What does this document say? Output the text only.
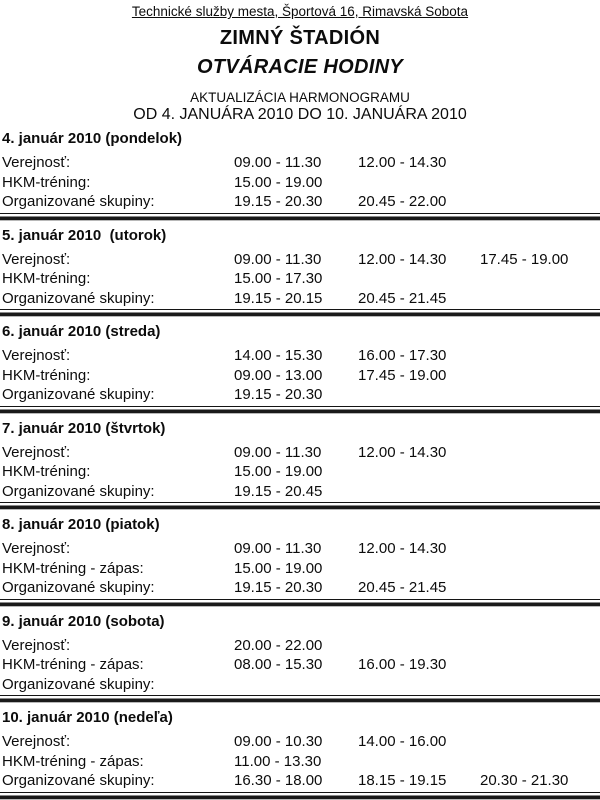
Technické služby mesta, Športová 16, Rimavská Sobota
ZIMNÝ ŠTADIÓN
OTVÁRACIE HODINY
AKTUALIZÁCIA HARMONOGRAMU
OD 4. JANUÁRA 2010 DO 10. JANUÁRA 2010
4. január 2010 (pondelok)
Verejnosť:	09.00 - 11.30	12.00 - 14.30
HKM-tréning:	15.00 - 19.00
Organizované skupiny:	19.15 - 20.30	20.45 - 22.00
5. január 2010  (utorok)
Verejnosť:	09.00 - 11.30	12.00 - 14.30	17.45 - 19.00
HKM-tréning:	15.00 - 17.30
Organizované skupiny:	19.15 - 20.15	20.45 - 21.45
6. január 2010 (streda)
Verejnosť:	14.00 - 15.30	16.00 - 17.30
HKM-tréning:	09.00 - 13.00	17.45 - 19.00
Organizované skupiny:	19.15 - 20.30
7. január 2010 (štvrtok)
Verejnosť:	09.00 - 11.30	12.00 - 14.30
HKM-tréning:	15.00 - 19.00
Organizované skupiny:	19.15 - 20.45
8. január 2010 (piatok)
Verejnosť:	09.00 - 11.30	12.00 - 14.30
HKM-tréning - zápas:	15.00 - 19.00
Organizované skupiny:	19.15 - 20.30	20.45 - 21.45
9. január 2010 (sobota)
Verejnosť:	20.00 - 22.00
HKM-tréning - zápas:	08.00 - 15.30	16.00 - 19.30
Organizované skupiny:
10. január 2010 (nedeľa)
Verejnosť:	09.00 - 10.30	14.00 - 16.00
HKM-tréning - zápas:	11.00 - 13.30
Organizované skupiny:	16.30 - 18.00	18.15 - 19.15	20.30 - 21.30
